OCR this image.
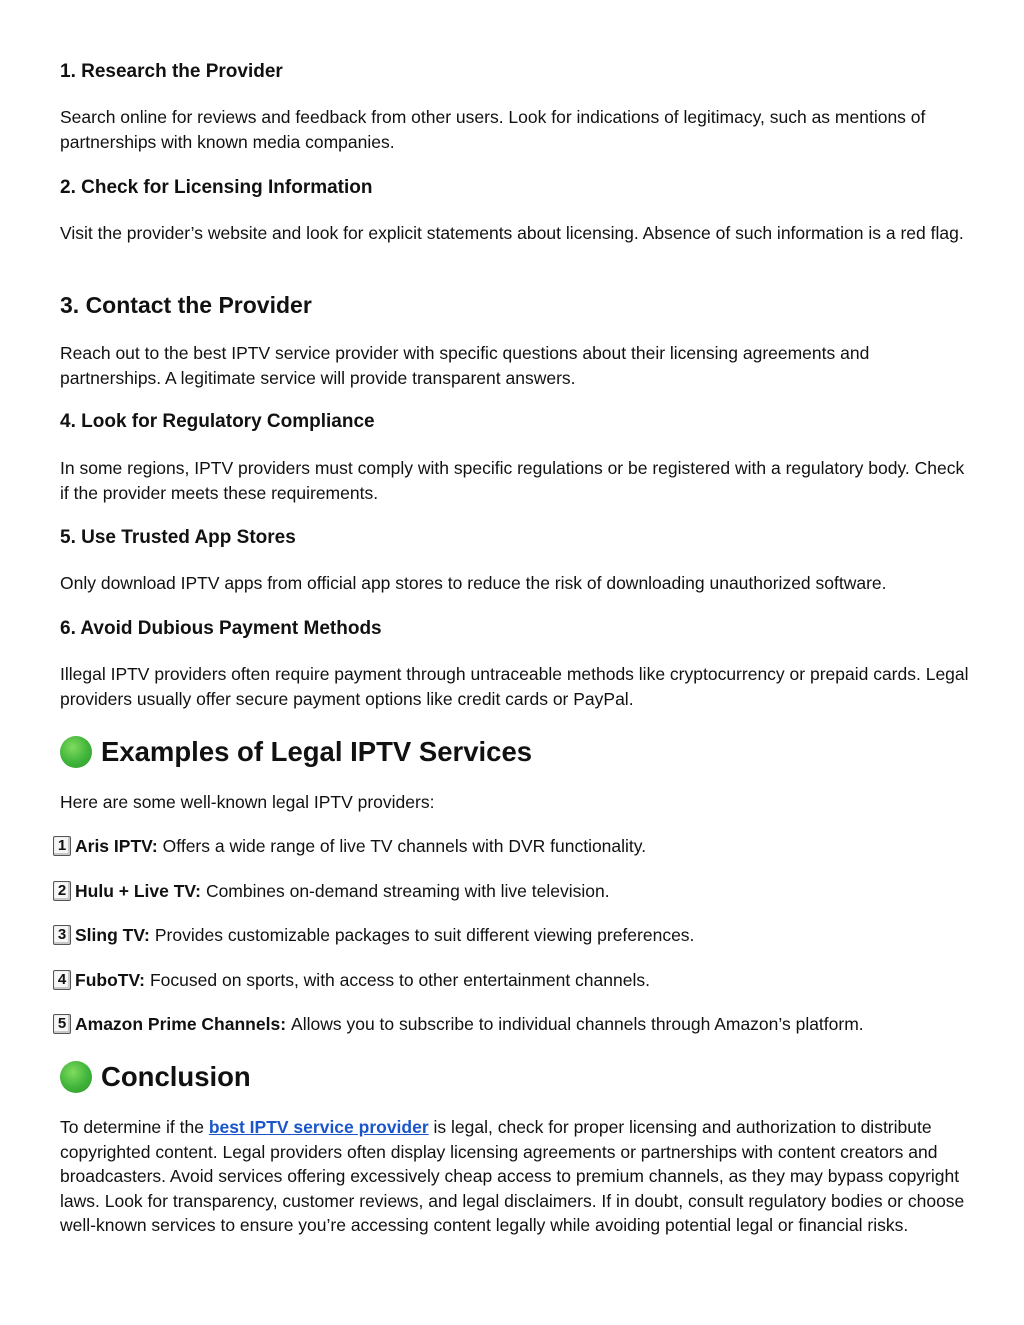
1. Research the Provider

Search online for reviews and feedback from other users. Look for indications of legitimacy, such as mentions of partnerships with known media companies.

2. Check for Licensing Information

Visit the provider’s website and look for explicit statements about licensing. Absence of such information is a red flag.

3. Contact the Provider

Reach out to the best IPTV service provider with specific questions about their licensing agreements and partnerships. A legitimate service will provide transparent answers.

4. Look for Regulatory Compliance

In some regions, IPTV providers must comply with specific regulations or be registered with a regulatory body. Check if the provider meets these requirements.

5. Use Trusted App Stores

Only download IPTV apps from official app stores to reduce the risk of downloading unauthorized software.

6. Avoid Dubious Payment Methods

Illegal IPTV providers often require payment through untraceable methods like cryptocurrency or prepaid cards. Legal providers usually offer secure payment options like credit cards or PayPal.

Examples of Legal IPTV Services

Here are some well-known legal IPTV providers:

1 Aris IPTV: Offers a wide range of live TV channels with DVR functionality.
2 Hulu + Live TV: Combines on-demand streaming with live television.
3 Sling TV: Provides customizable packages to suit different viewing preferences.
4 FuboTV: Focused on sports, with access to other entertainment channels.
5 Amazon Prime Channels: Allows you to subscribe to individual channels through Amazon’s platform.
Conclusion

To determine if the best IPTV service provider is legal, check for proper licensing and authorization to distribute copyrighted content. Legal providers often display licensing agreements or partnerships with content creators and broadcasters. Avoid services offering excessively cheap access to premium channels, as they may bypass copyright laws. Look for transparency, customer reviews, and legal disclaimers. If in doubt, consult regulatory bodies or choose well-known services to ensure you’re accessing content legally while avoiding potential legal or financial risks.
